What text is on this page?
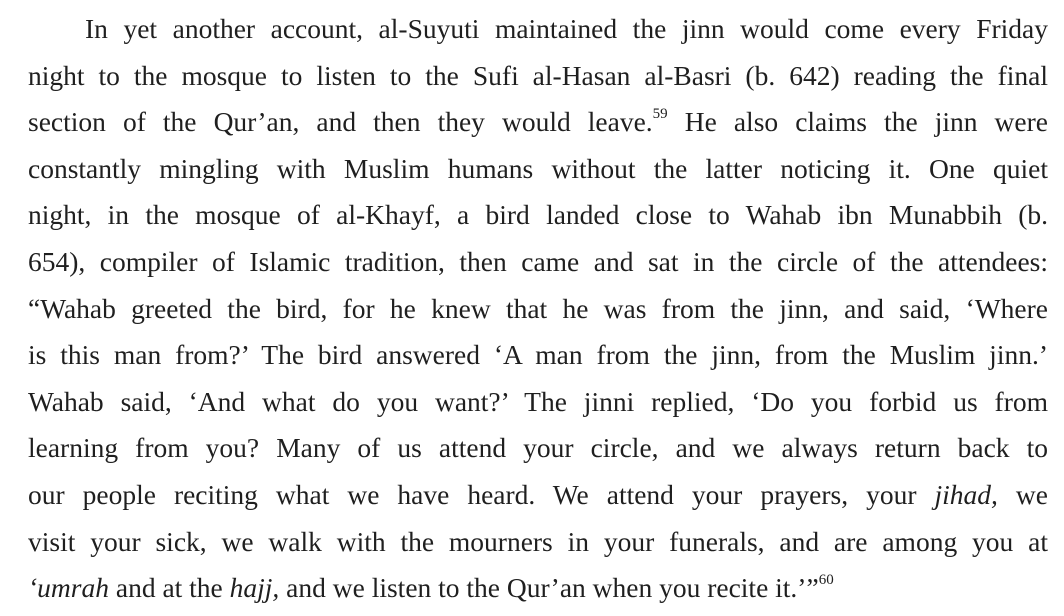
In yet another account, al-Suyuti maintained the jinn would come every Friday
night to the mosque to listen to the Sufi al-Hasan al-Basri (b. 642) reading the final
section of the Qur’an, and then they would leave.$^{59}$ He also claims the jinn were
constantly mingling with Muslim humans without the latter noticing it. One quiet
night, in the mosque of al-Khayf, a bird landed close to Wahab ibn Munabbih (b.
654), compiler of Islamic tradition, then came and sat in the circle of the attendees:
“Wahab greeted the bird, for he knew that he was from the jinn, and said, ‘Where
is this man from?’ The bird answered ‘A man from the jinn, from the Muslim jinn.’
Wahab said, ‘And what do you want?’ The jinni replied, ‘Do you forbid us from
learning from you? Many of us attend your circle, and we always return back to
our people reciting what we have heard. We attend your prayers, your jihad, we
visit your sick, we walk with the mourners in your funerals, and are among you at
‘umrah and at the hajj, and we listen to the Qur’an when you recite it.’”$^{60}$
